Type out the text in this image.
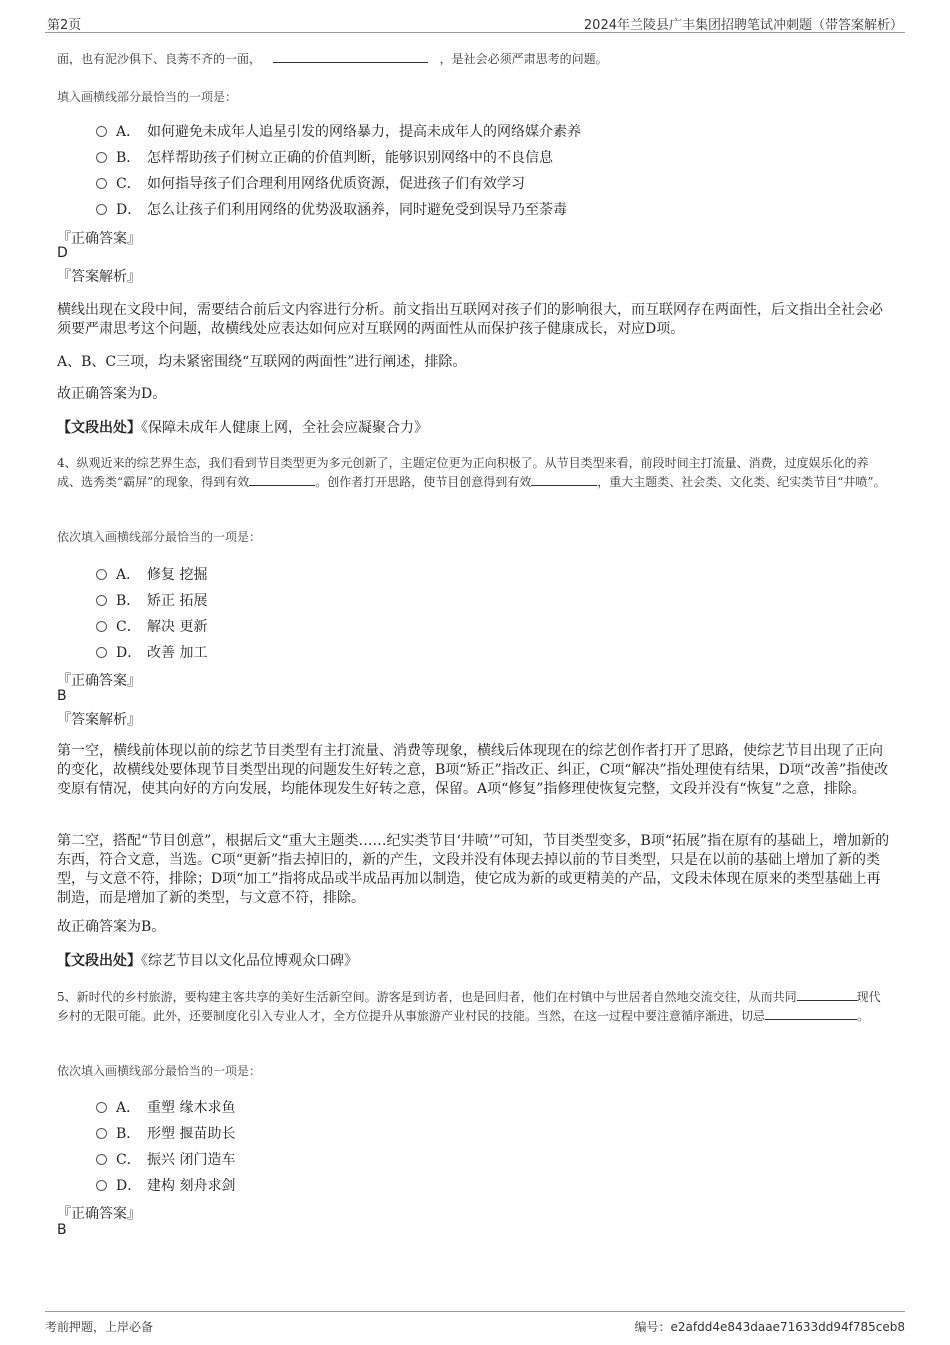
第2页	2024年兰陵县广丰集团招聘笔试冲刺题（带答案解析）
面，也有泥沙俱下、良莠不齐的一面，	，是社会必须严肃思考的问题。
填入画横线部分最恰当的一项是：
A． 如何避免未成年人追星引发的网络暴力，提高未成年人的网络媒介素养
B． 怎样帮助孩子们树立正确的价值判断，能够识别网络中的不良信息
C． 如何指导孩子们合理利用网络优质资源，促进孩子们有效学习
D． 怎么让孩子们利用网络的优势汲取涵养，同时避免受到误导乃至荼毒
『正确答案』
D
『答案解析』
横线出现在文段中间，需要结合前后文内容进行分析。前文指出互联网对孩子们的影响很大，而互联网存在两面性，后文指出全社会必须要严肃思考这个问题，故横线处应表达如何应对互联网的两面性从而保护孩子健康成长，对应D项。
A、B、C三项，均未紧密围绕“互联网的两面性”进行阐述，排除。
故正确答案为D。
【文段出处】《保障未成年人健康上网，全社会应凝聚合力》
4、纵观近来的综艺界生态，我们看到节目类型更为多元创新了，主题定位更为正向积极了。从节目类型来看，前段时间主打流量、消费，过度娱乐化的养成、选秀类“霸屏”的现象，得到有效	。创作者打开思路，使节目创意得到有效	，重大主题类、社会类、文化类、纪实类节目“井喷”。
依次填入画横线部分最恰当的一项是：
A． 修复 挖掘
B． 矫正 拓展
C． 解决 更新
D． 改善 加工
『正确答案』
B
『答案解析』
第一空，横线前体现以前的综艺节目类型有主打流量、消费等现象，横线后体现现在的综艺创作者打开了思路，使综艺节目出现了正向的变化，故横线处要体现节目类型出现的问题发生好转之意，B项“矫正”指改正、纠正，C项“解决”指处理使有结果，D项“改善”指使改变原有情况，使其向好的方向发展，均能体现发生好转之意，保留。A项“修复”指修理使恢复完整，文段并没有“恢复”之意，排除。
第二空，搭配“节目创意”，根据后文“重大主题类……纪实类节目‘井喷’”可知，节目类型变多，B项“拓展”指在原有的基础上，增加新的东西，符合文意，当选。C项“更新”指去掉旧的，新的产生，文段并没有体现去掉以前的节目类型，只是在以前的基础上增加了新的类型，与文意不符，排除；D项“加工”指将成品或半成品再加以制造，使它成为新的或更精美的产品，文段未体现在原来的类型基础上再制造，而是增加了新的类型，与文意不符，排除。
故正确答案为B。
【文段出处】《综艺节目以文化品位博观众口碑》
5、新时代的乡村旅游，要构建主客共享的美好生活新空间。游客是到访者，也是回归者，他们在村镇中与世居者自然地交流交往，从而共同	现代乡村的无限可能。此外，还要制度化引入专业人才，全方位提升从事旅游产业村民的技能。当然，在这一过程中要注意循序渐进，切忌	。
依次填入画横线部分最恰当的一项是：
A． 重塑 缘木求鱼
B． 形塑 揠苗助长
C． 振兴 闭门造车
D． 建构 刻舟求剑
『正确答案』
B
考前押题，上岸必备	编号：e2afdd4e843daae71633dd94f785ceb8
